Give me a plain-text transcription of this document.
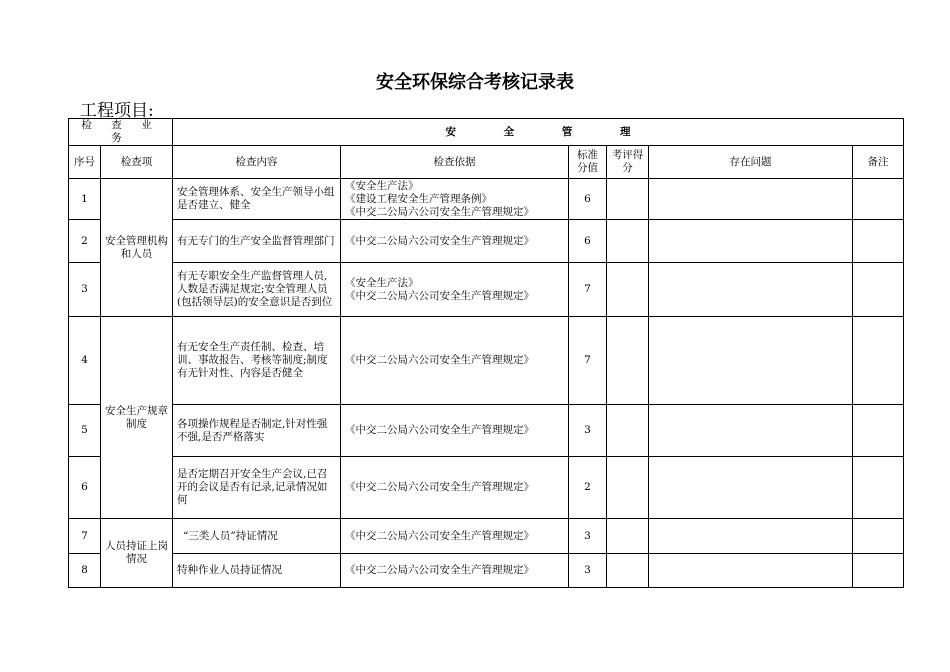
安全环保综合考核记录表
工程项目:
检 查 业 务		安 全 管 理					
序号	检查项	检查内容	检查依据	标准分值	考评得分	存在问题	备注
1	安全管理机构和人员	安全管理体系、安全生产领导小组是否建立、健全	《安全生产法》
《建设工程安全生产管理条例》
《中交二公局六公司安全生产管理规定》	6			
2		有无专门的生产安全监督管理部门	《中交二公局六公司安全生产管理规定》	6			
3		有无专职安全生产监督管理人员,人数是否满足规定;安全管理人员(包括领导层)的安全意识是否到位	《安全生产法》
《中交二公局六公司安全生产管理规定》	7			
4	安全生产规章制度	有无安全生产责任制、检查、培训、事故报告、考核等制度;制度有无针对性、内容是否健全	《中交二公局六公司安全生产管理规定》	7			
5		各项操作规程是否制定,针对性强不强,是否严格落实	《中交二公局六公司安全生产管理规定》	3			
6		是否定期召开安全生产会议,已召开的会议是否有记录,记录情况如何	《中交二公局六公司安全生产管理规定》	2			
7	人员持证上岗情况	“三类人员”持证情况	《中交二公局六公司安全生产管理规定》	3			
8		特种作业人员持证情况	《中交二公局六公司安全生产管理规定》	3			
